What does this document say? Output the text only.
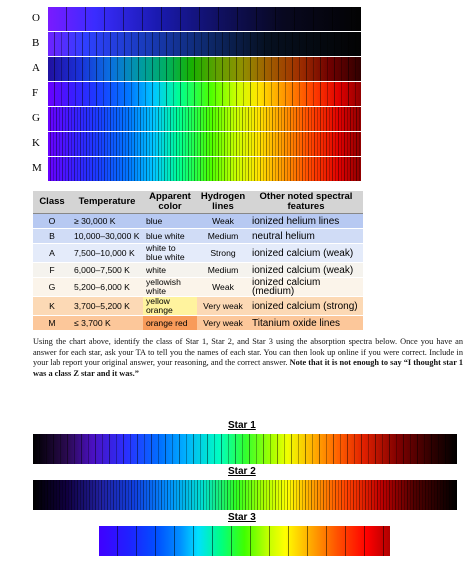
O
B
A
F
G
K
M
Class	Temperature	Apparent color	Hydrogen lines	Other noted spectral features
O	≥ 30,000 K	blue	Weak	ionized helium lines
B	10,000–30,000 K	blue white	Medium	neutral helium
A	7,500–10,000 K	white to blue white	Strong	ionized calcium (weak)
F	6,000–7,500 K	white	Medium	ionized calcium (weak)
G	5,200–6,000 K	yellowish white	Weak	ionized calcium (medium)
K	3,700–5,200 K	yellow orange	Very weak	ionized calcium (strong)
M	≤ 3,700 K	orange red	Very weak	Titanium oxide lines
Using the chart above, identify the class of Star 1, Star 2, and Star 3 using the absorption spectra below. Once you have an answer for each star, ask your TA to tell you the names of each star. You can then look up online if you were correct. Include in your lab report your original answer, your reasoning, and the correct answer. Note that it is not enough to say “I thought star 1 was a class Z star and it was.”
Star 1
Star 2
Star 3
